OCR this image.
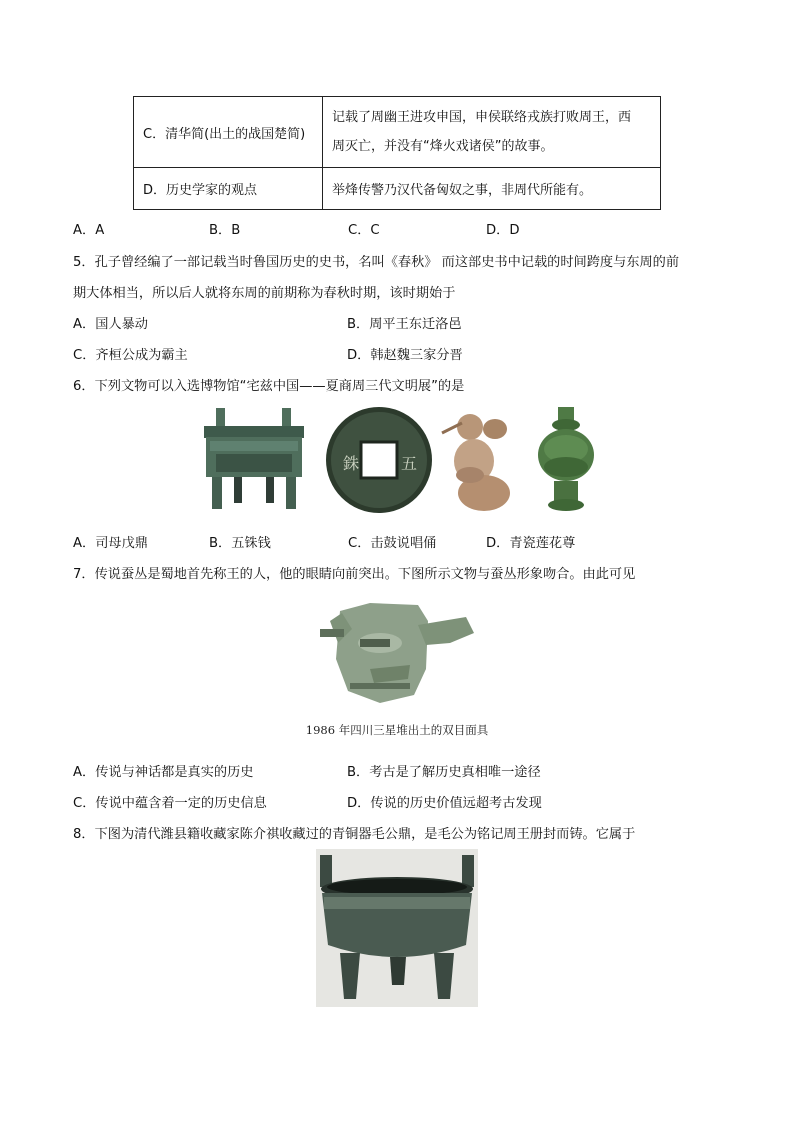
C．清华简(出土的战国楚简)	记载了周幽王进攻申国，申侯联络戎族打败周王，西
周灭亡，并没有“烽火戏诸侯”的故事。

D．历史学家的观点	举烽传警乃汉代备匈奴之事，非周代所能有。
A．A	B．B	C．C	D．D
5．孔子曾经编了一部记载当时鲁国历史的史书，名叫《春秋》 而这部史书中记载的时间跨度与东周的前
期大体相当，所以后人就将东周的前期称为春秋时期，该时期始于
A．国人暴动	B．周平王东迁洛邑
C．齐桓公成为霸主	D．韩赵魏三家分晋
6．下列文物可以入选博物馆“宅兹中国——夏商周三代文明展”的是
銖	五
A．司母戊鼎	B．五铢钱	C．击鼓说唱俑	D．青瓷莲花尊
7．传说蚕丛是蜀地首先称王的人，他的眼睛向前突出。下图所示文物与蚕丛形象吻合。由此可见
1986 年四川三星堆出土的双目面具
A．传说与神话都是真实的历史	B．考古是了解历史真相唯一途径
C．传说中蕴含着一定的历史信息	D．传说的历史价值远超考古发现
8．下图为清代潍县籍收藏家陈介祺收藏过的青铜器毛公鼎，是毛公为铭记周王册封而铸。它属于
